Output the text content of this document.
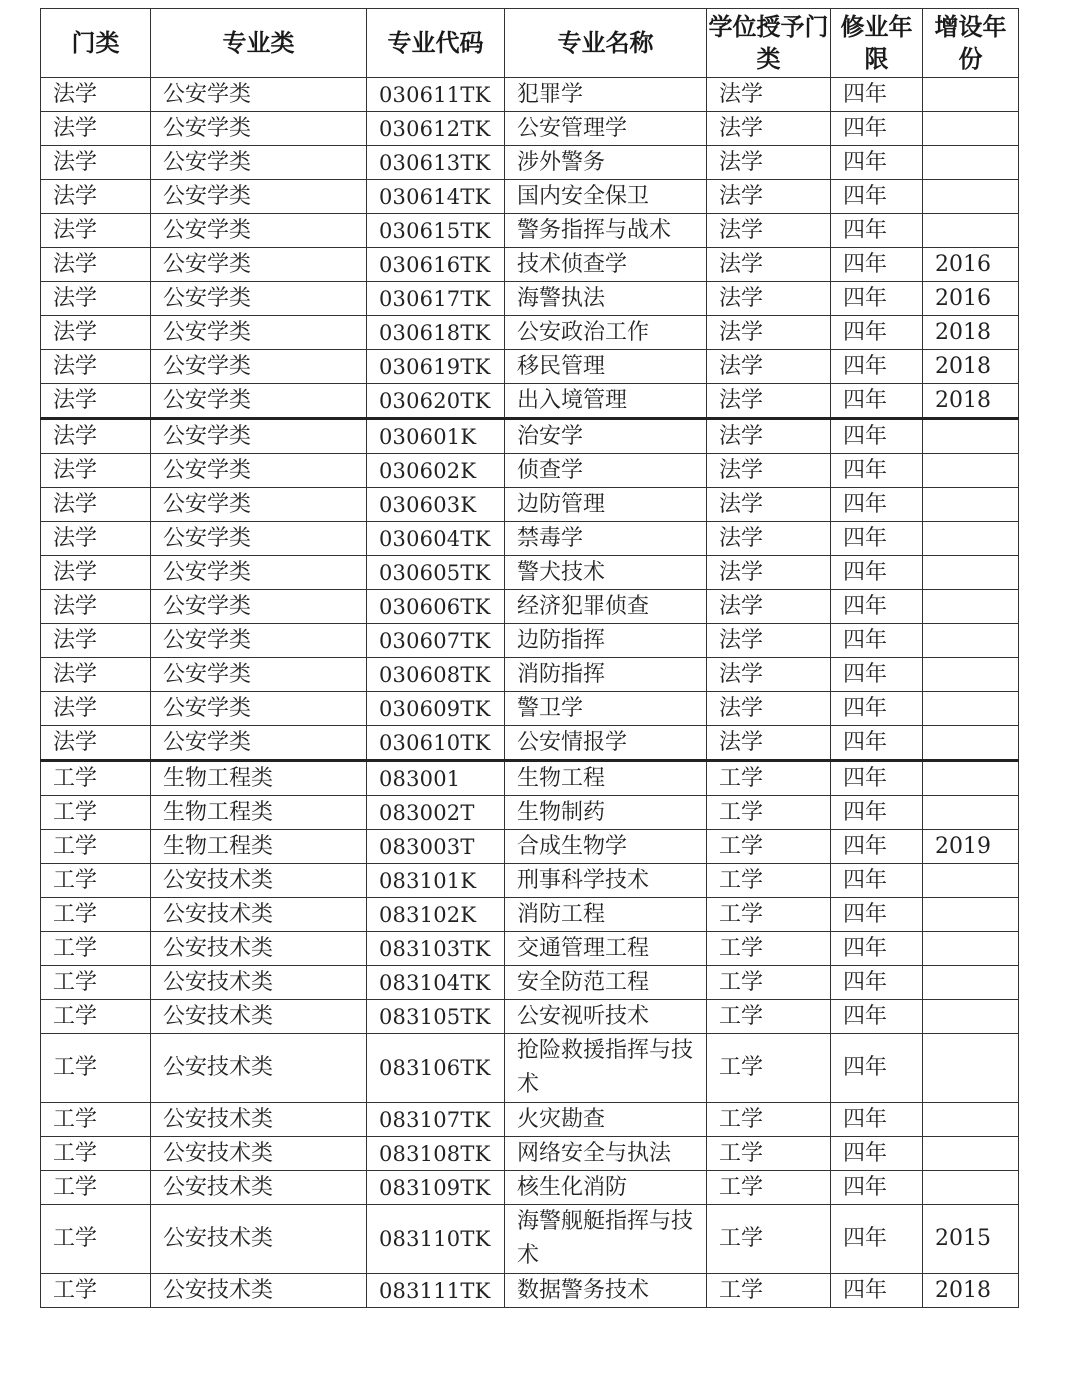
门类	专业类	专业代码	专业名称	学位授予门类	修业年限	增设年份
法学	公安学类	030611TK	犯罪学	法学	四年	
法学	公安学类	030612TK	公安管理学	法学	四年	
法学	公安学类	030613TK	涉外警务	法学	四年	
法学	公安学类	030614TK	国内安全保卫	法学	四年	
法学	公安学类	030615TK	警务指挥与战术	法学	四年	
法学	公安学类	030616TK	技术侦查学	法学	四年	2016
法学	公安学类	030617TK	海警执法	法学	四年	2016
法学	公安学类	030618TK	公安政治工作	法学	四年	2018
法学	公安学类	030619TK	移民管理	法学	四年	2018
法学	公安学类	030620TK	出入境管理	法学	四年	2018
法学	公安学类	030601K	治安学	法学	四年	
法学	公安学类	030602K	侦查学	法学	四年	
法学	公安学类	030603K	边防管理	法学	四年	
法学	公安学类	030604TK	禁毒学	法学	四年	
法学	公安学类	030605TK	警犬技术	法学	四年	
法学	公安学类	030606TK	经济犯罪侦查	法学	四年	
法学	公安学类	030607TK	边防指挥	法学	四年	
法学	公安学类	030608TK	消防指挥	法学	四年	
法学	公安学类	030609TK	警卫学	法学	四年	
法学	公安学类	030610TK	公安情报学	法学	四年	
工学	生物工程类	083001	生物工程	工学	四年	
工学	生物工程类	083002T	生物制药	工学	四年	
工学	生物工程类	083003T	合成生物学	工学	四年	2019
工学	公安技术类	083101K	刑事科学技术	工学	四年	
工学	公安技术类	083102K	消防工程	工学	四年	
工学	公安技术类	083103TK	交通管理工程	工学	四年	
工学	公安技术类	083104TK	安全防范工程	工学	四年	
工学	公安技术类	083105TK	公安视听技术	工学	四年	
工学	公安技术类	083106TK	抢险救援指挥与技术	工学	四年	
工学	公安技术类	083107TK	火灾勘查	工学	四年	
工学	公安技术类	083108TK	网络安全与执法	工学	四年	
工学	公安技术类	083109TK	核生化消防	工学	四年	
工学	公安技术类	083110TK	海警舰艇指挥与技术	工学	四年	2015
工学	公安技术类	083111TK	数据警务技术	工学	四年	2018
